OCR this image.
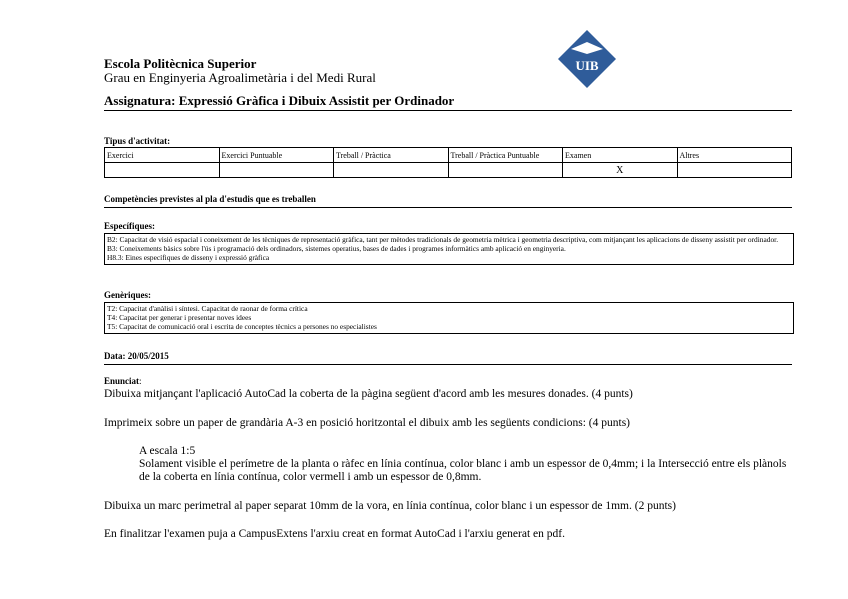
Escola Politècnica Superior
Grau en Enginyeria Agroalimetària i del Medi Rural
Assignatura: Expressió Gràfica i Dibuix Assistit per Ordinador
UIB
Tipus d'activitat:
Exercici	Exercici Puntuable	Treball / Pràctica	Treball / Pràctica Puntuable	Examen	Altres
				X	
Competències previstes al pla d'estudis que es treballen
Específiques:
B2: Capacitat de visió espacial i coneixement de les tècniques de representació gràfica, tant per mètodes tradicionals de geometria mètrica i geometria descriptiva, com mitjançant les aplicacions de disseny assistit per ordinador.
B3: Coneixements bàsics sobre l'ús i programació dels ordinadors, sistemes operatius, bases de dades i programes informàtics amb aplicació en enginyeria.
H8.3: Eines específiques de disseny i expressió gràfica
Genèriques:
T2: Capacitat d'anàlisi i síntesi. Capacitat de raonar de forma crítica
T4: Capacitat per generar i presentar noves idees
T5: Capacitat de comunicació oral i escrita de conceptes tècnics a persones no especialistes
Data: 20/05/2015
Enunciat:
Dibuixa mitjançant l'aplicació AutoCad la coberta de la pàgina següent d'acord amb les mesures donades. (4 punts)
Imprimeix sobre un paper de grandària A-3 en posició horitzontal el dibuix amb les següents condicions: (4 punts)
A escala 1:5
Solament visible el perímetre de la planta o ràfec en línia contínua, color blanc i amb un espessor de 0,4mm; i la Intersecció entre els plànols de la coberta en línia contínua, color vermell i amb un espessor de 0,8mm.
Dibuixa un marc perimetral al paper separat 10mm de la vora, en línia contínua, color blanc i un espessor de 1mm. (2 punts)
En finalitzar l'examen puja a CampusExtens l'arxiu creat en format AutoCad i l'arxiu generat en pdf.
